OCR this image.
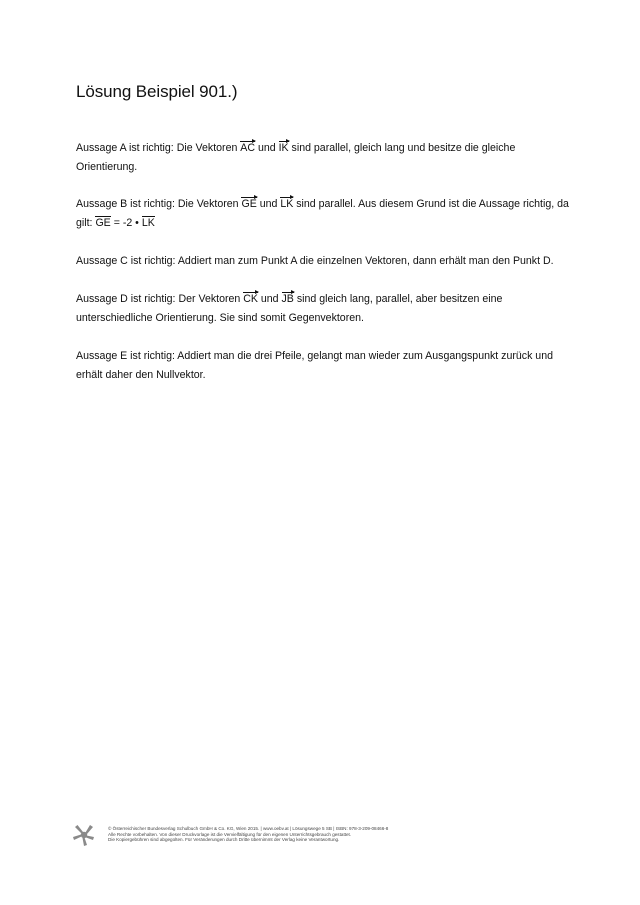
Lösung Beispiel 901.)
Aussage A ist richtig: Die Vektoren AC und IK sind parallel, gleich lang und besitze die gleiche Orientierung.
Aussage B ist richtig: Die Vektoren GE und LK sind parallel. Aus diesem Grund ist die Aussage richtig, da gilt: GE = -2 • LK
Aussage C ist richtig: Addiert man zum Punkt A die einzelnen Vektoren, dann erhält man den Punkt D.
Aussage D ist richtig: Der Vektoren CK und JB sind gleich lang, parallel, aber besitzen eine unterschiedliche Orientierung. Sie sind somit Gegenvektoren.
Aussage E ist richtig: Addiert man die drei Pfeile, gelangt man wieder zum Ausgangspunkt zurück und erhält daher den Nullvektor.
© Österreichischer Bundesverlag Schulbuch GmbH & Co. KG, Wien 2015. | www.oebv.at | Lösungswege 5 SB | ISBN: 978-3-209-08466-8
Alle Rechte vorbehalten. Von dieser Druckvorlage ist die Vervielfältigung für den eigenen Unterrichtsgebrauch gestattet.
Die Kopiergebühren sind abgegolten. Für Veränderungen durch Dritte übernimmt der Verlag keine Verantwortung.
